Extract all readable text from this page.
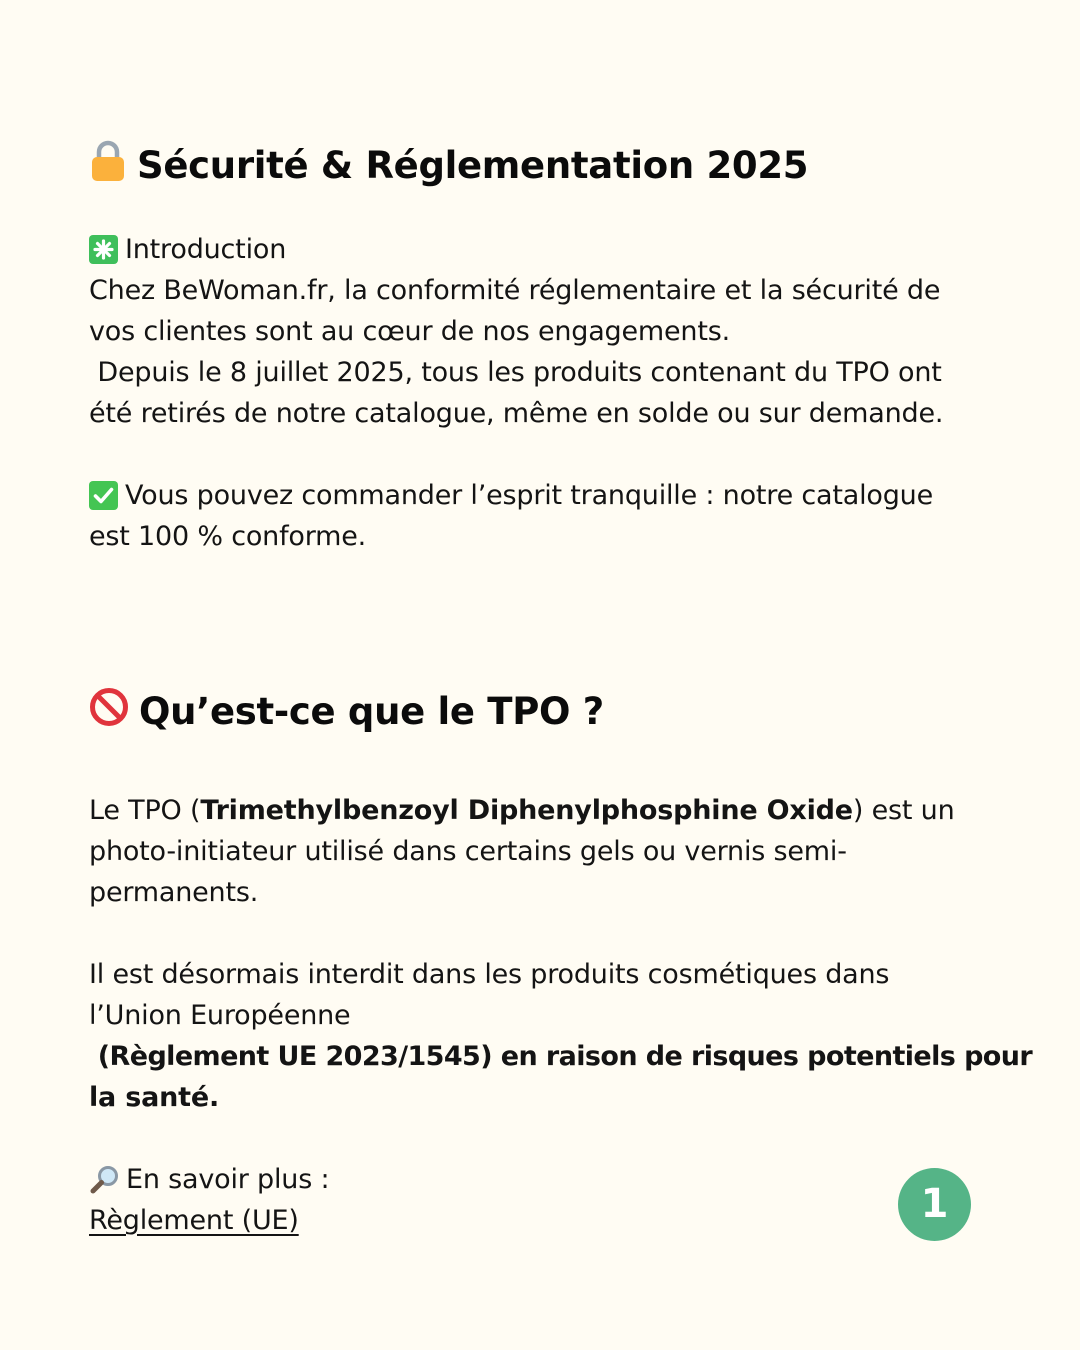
Sécurité & Réglementation 2025
Introduction
Chez BeWoman.fr, la conformité réglementaire et la sécurité de
vos clientes sont au cœur de nos engagements.
Depuis le 8 juillet 2025, tous les produits contenant du TPO ont
été retirés de notre catalogue, même en solde ou sur demande.
Vous pouvez commander l’esprit tranquille : notre catalogue
est 100 % conforme.
Qu’est-ce que le TPO ?
Le TPO ( Trimethylbenzoyl Diphenylphosphine Oxide ) est un
photo-initiateur utilisé dans certains gels ou vernis semi-
permanents.
Il est désormais interdit dans les produits cosmétiques dans
l’Union Européenne
(Règlement UE 2023/1545) en raison de risques potentiels pour
la santé.
En savoir plus :
Règlement (UE)	1
